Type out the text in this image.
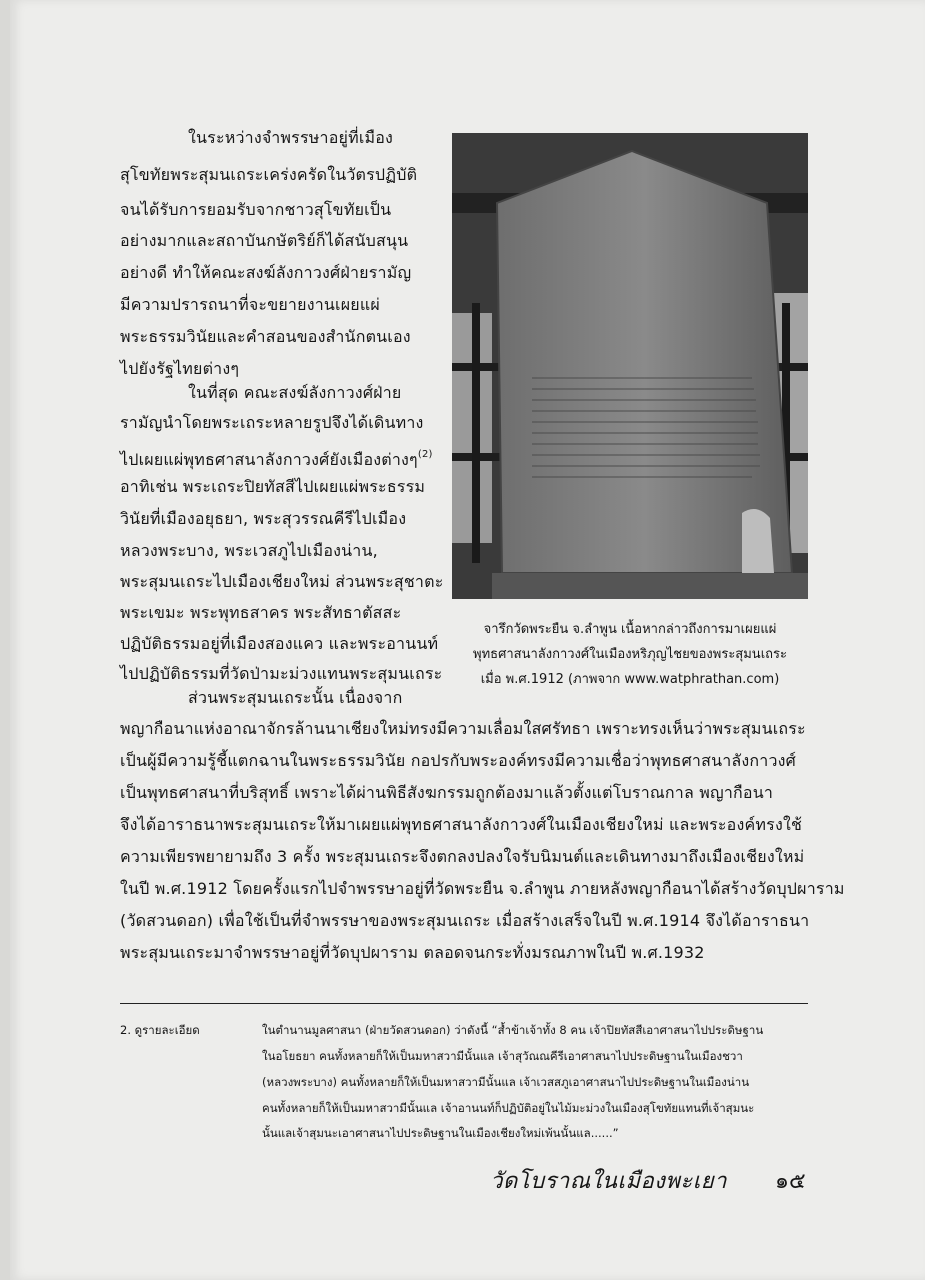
ในระหว่างจำพรรษาอยู่ที่เมือง
สุโขทัยพระสุมนเถระเคร่งครัดในวัตรปฏิบัติ
จนได้รับการยอมรับจากชาวสุโขทัยเป็น
อย่างมากและสถาบันกษัตริย์ก็ได้สนับสนุน
อย่างดี ทำให้คณะสงฆ์ลังกาวงศ์ฝ่ายรามัญ
มีความปรารถนาที่จะขยายงานเผยแผ่
พระธรรมวินัยและคำสอนของสำนักตนเอง
ไปยังรัฐไทยต่างๆ
ในที่สุด คณะสงฆ์ลังกาวงศ์ฝ่าย
รามัญนำโดยพระเถระหลายรูปจึงได้เดินทาง
ไปเผยแผ่พุทธศาสนาลังกาวงศ์ยังเมืองต่างๆ$^{(2)}$
อาทิเช่น พระเถระปิยทัสสีไปเผยแผ่พระธรรม
วินัยที่เมืองอยุธยา, พระสุวรรณคีรีไปเมือง
หลวงพระบาง, พระเวสภูไปเมืองน่าน,
พระสุมนเถระไปเมืองเชียงใหม่ ส่วนพระสุชาตะ
พระเขมะ พระพุทธสาคร พระสัทธาตัสสะ
ปฏิบัติธรรมอยู่ที่เมืองสองแคว และพระอานนท์
ไปปฏิบัติธรรมที่วัดป่ามะม่วงแทนพระสุมนเถระ
ส่วนพระสุมนเถระนั้น เนื่องจาก
จารึกวัดพระยืน จ.ลำพูน เนื้อหากล่าวถึงการมาเผยแผ่
พุทธศาสนาลังกาวงศ์ในเมืองหริภุญไชยของพระสุมนเถระ
เมื่อ พ.ศ.1912 (ภาพจาก www.watphrathan.com)
พญากือนาแห่งอาณาจักรล้านนาเชียงใหม่ทรงมีความเลื่อมใสศรัทธา เพราะทรงเห็นว่าพระสุมนเถระ
เป็นผู้มีความรู้ชี้แตกฉานในพระธรรมวินัย กอปรกับพระองค์ทรงมีความเชื่อว่าพุทธศาสนาลังกาวงศ์
เป็นพุทธศาสนาที่บริสุทธิ์ เพราะได้ผ่านพิธีสังฆกรรมถูกต้องมาแล้วตั้งแต่โบราณกาล พญากือนา
จึงได้อาราธนาพระสุมนเถระให้มาเผยแผ่พุทธศาสนาลังกาวงศ์ในเมืองเชียงใหม่ และพระองค์ทรงใช้
ความเพียรพยายามถึง 3 ครั้ง พระสุมนเถระจึงตกลงปลงใจรับนิมนต์และเดินทางมาถึงเมืองเชียงใหม่
ในปี พ.ศ.1912 โดยครั้งแรกไปจำพรรษาอยู่ที่วัดพระยืน จ.ลำพูน ภายหลังพญากือนาได้สร้างวัดบุปผาราม
(วัดสวนดอก) เพื่อใช้เป็นที่จำพรรษาของพระสุมนเถระ เมื่อสร้างเสร็จในปี พ.ศ.1914 จึงได้อาราธนา
พระสุมนเถระมาจำพรรษาอยู่ที่วัดบุปผาราม ตลอดจนกระทั่งมรณภาพในปี พ.ศ.1932
2. ดูรายละเอียด	ในตำนานมูลศาสนา (ฝ่ายวัดสวนดอก) ว่าดังนี้ “ส้ำข้าเจ้าทั้ง 8 คน เจ้าปิยทัสสีเอาศาสนาไปประดิษฐาน
ในอโยธยา คนทั้งหลายก็ให้เป็นมหาสวามีนั้นแล เจ้าสุวัณณคีรีเอาศาสนาไปประดิษฐานในเมืองชวา
(หลวงพระบาง) คนทั้งหลายก็ให้เป็นมหาสวามีนั้นแล เจ้าเวสสภูเอาศาสนาไปประดิษฐานในเมืองน่าน
คนทั้งหลายก็ให้เป็นมหาสวามีนั้นแล เจ้าอานนท์ก็ปฏิบัติอยู่ในไม้มะม่วงในเมืองสุโขทัยแทนที่เจ้าสุมนะ
นั้นแลเจ้าสุมนะเอาศาสนาไปประดิษฐานในเมืองเชียงใหม่เพ้นนั้นแล......”
วัดโบราณในเมืองพะเยา ๑๕
